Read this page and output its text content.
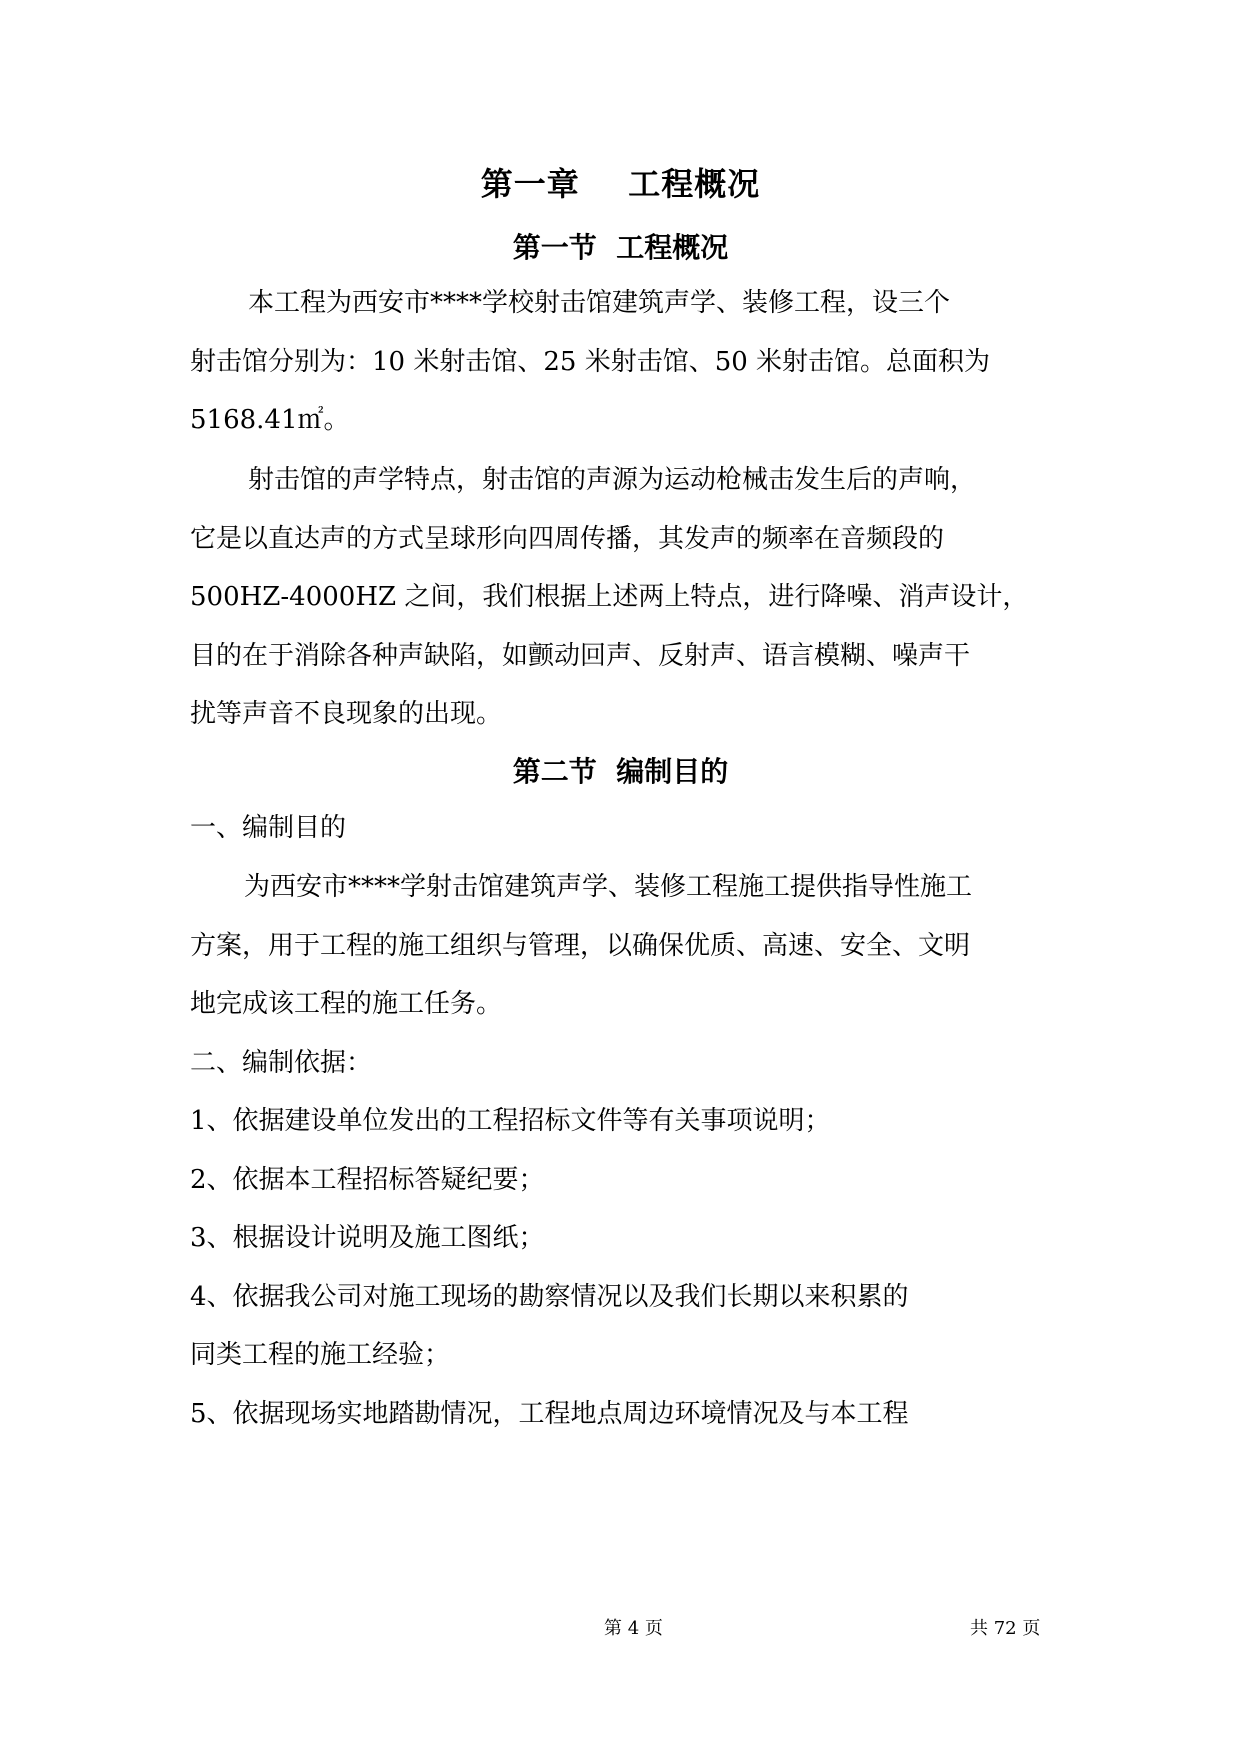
第一章    工程概况
第一节  工程概况
本工程为西安市****学校射击馆建筑声学、装修工程，设三个
射击馆分别为：10 米射击馆、25 米射击馆、50 米射击馆。总面积为
5168.41㎡。
射击馆的声学特点，射击馆的声源为运动枪械击发生后的声响，
它是以直达声的方式呈球形向四周传播，其发声的频率在音频段的
500HZ-4000HZ 之间，我们根据上述两上特点，进行降噪、消声设计，
目的在于消除各种声缺陷，如颤动回声、反射声、语言模糊、噪声干
扰等声音不良现象的出现。
第二节  编制目的
一、编制目的
为西安市****学射击馆建筑声学、装修工程施工提供指导性施工
方案，用于工程的施工组织与管理，以确保优质、高速、安全、文明
地完成该工程的施工任务。
二、编制依据：
1、依据建设单位发出的工程招标文件等有关事项说明；
2、依据本工程招标答疑纪要；
3、根据设计说明及施工图纸；
4、依据我公司对施工现场的勘察情况以及我们长期以来积累的
同类工程的施工经验；
5、依据现场实地踏勘情况，工程地点周边环境情况及与本工程
第 4 页	共 72 页
